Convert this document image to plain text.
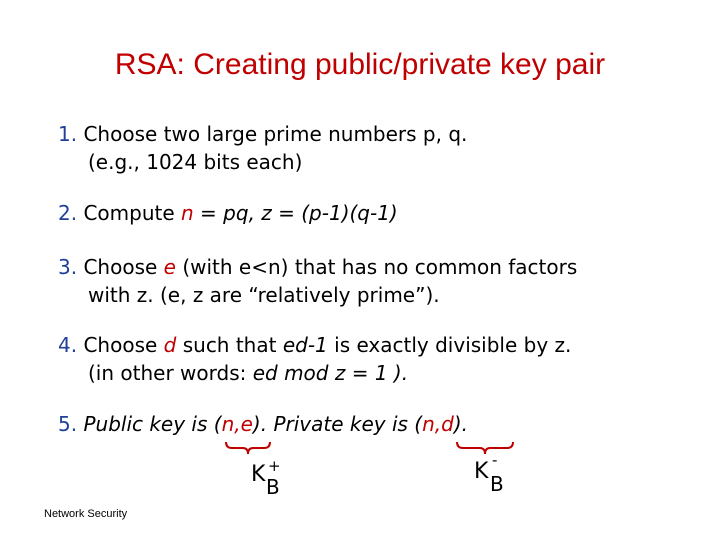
RSA: Creating public/private key pair
1. Choose two large prime numbers p, q.
(e.g., 1024 bits each)
2. Compute n = pq, z = (p-1)(q-1)
3. Choose e (with e<n) that has no common factors
with z. (e, z are “relatively prime”).
4. Choose d such that ed-1 is exactly divisible by z.
(in other words: ed mod z = 1 ).
5. Public key is (n,e). Private key is (n,d).
K +
B
K -
B
Network Security
